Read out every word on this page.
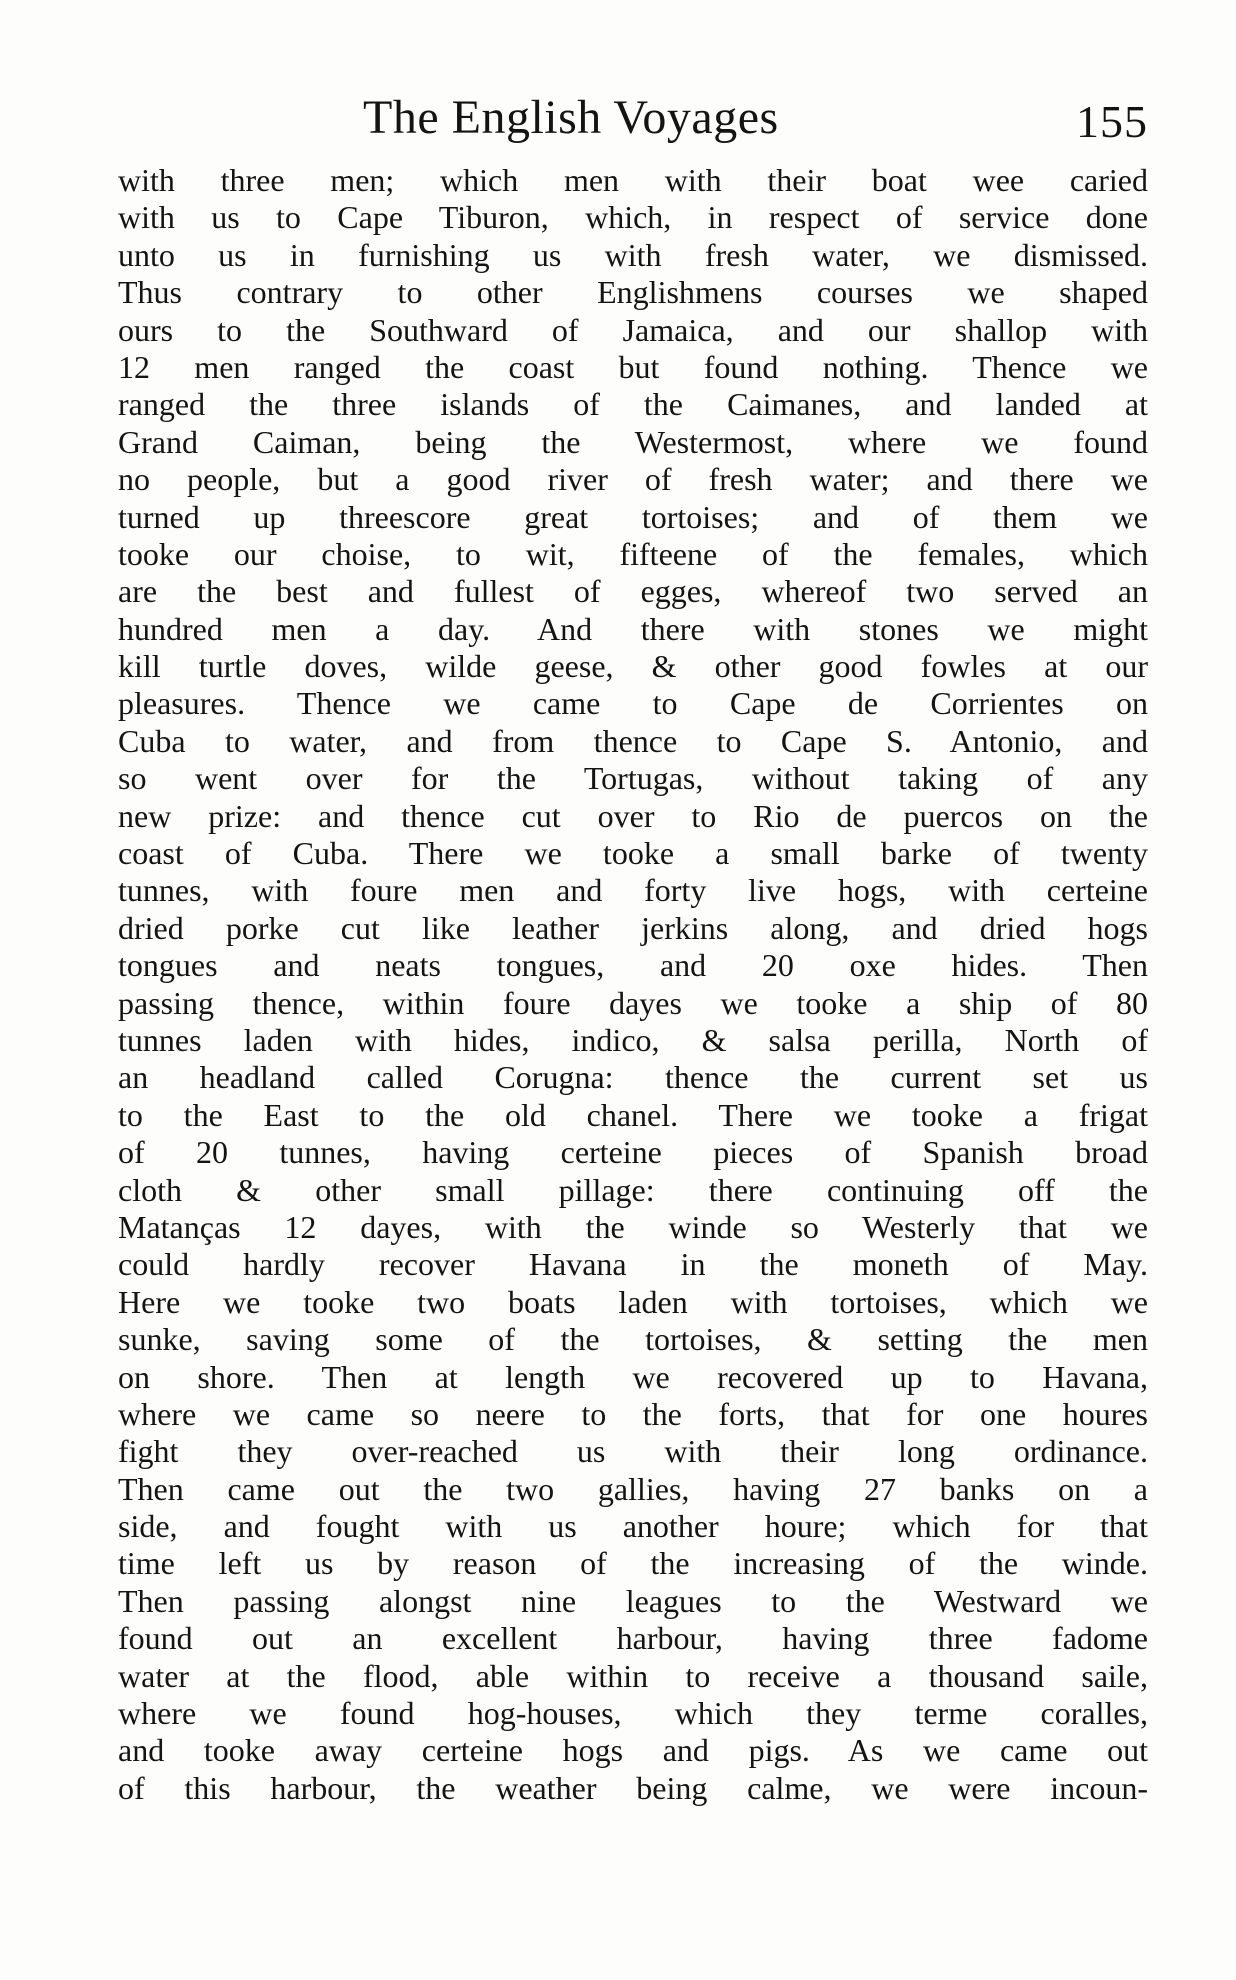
The English Voyages	155
with three men; which men with their boat wee caried
with us to Cape Tiburon, which, in respect of service done
unto us in furnishing us with fresh water, we dismissed.
Thus contrary to other Englishmens courses we shaped
ours to the Southward of Jamaica, and our shallop with
12 men ranged the coast but found nothing. Thence we
ranged the three islands of the Caimanes, and landed at
Grand Caiman, being the Westermost, where we found
no people, but a good river of fresh water; and there we
turned up threescore great tortoises; and of them we
tooke our choise, to wit, fifteene of the females, which
are the best and fullest of egges, whereof two served an
hundred men a day. And there with stones we might
kill turtle doves, wilde geese, & other good fowles at our
pleasures. Thence we came to Cape de Corrientes on
Cuba to water, and from thence to Cape S. Antonio, and
so went over for the Tortugas, without taking of any
new prize: and thence cut over to Rio de puercos on the
coast of Cuba. There we tooke a small barke of twenty
tunnes, with foure men and forty live hogs, with certeine
dried porke cut like leather jerkins along, and dried hogs
tongues and neats tongues, and 20 oxe hides. Then
passing thence, within foure dayes we tooke a ship of 80
tunnes laden with hides, indico, & salsa perilla, North of
an headland called Corugna: thence the current set us
to the East to the old chanel. There we tooke a frigat
of 20 tunnes, having certeine pieces of Spanish broad
cloth & other small pillage: there continuing off the
Matanças 12 dayes, with the winde so Westerly that we
could hardly recover Havana in the moneth of May.
Here we tooke two boats laden with tortoises, which we
sunke, saving some of the tortoises, & setting the men
on shore. Then at length we recovered up to Havana,
where we came so neere to the forts, that for one houres
fight they over-reached us with their long ordinance.
Then came out the two gallies, having 27 banks on a
side, and fought with us another houre; which for that
time left us by reason of the increasing of the winde.
Then passing alongst nine leagues to the Westward we
found out an excellent harbour, having three fadome
water at the flood, able within to receive a thousand saile,
where we found hog-houses, which they terme coralles,
and tooke away certeine hogs and pigs. As we came out
of this harbour, the weather being calme, we were incoun-
